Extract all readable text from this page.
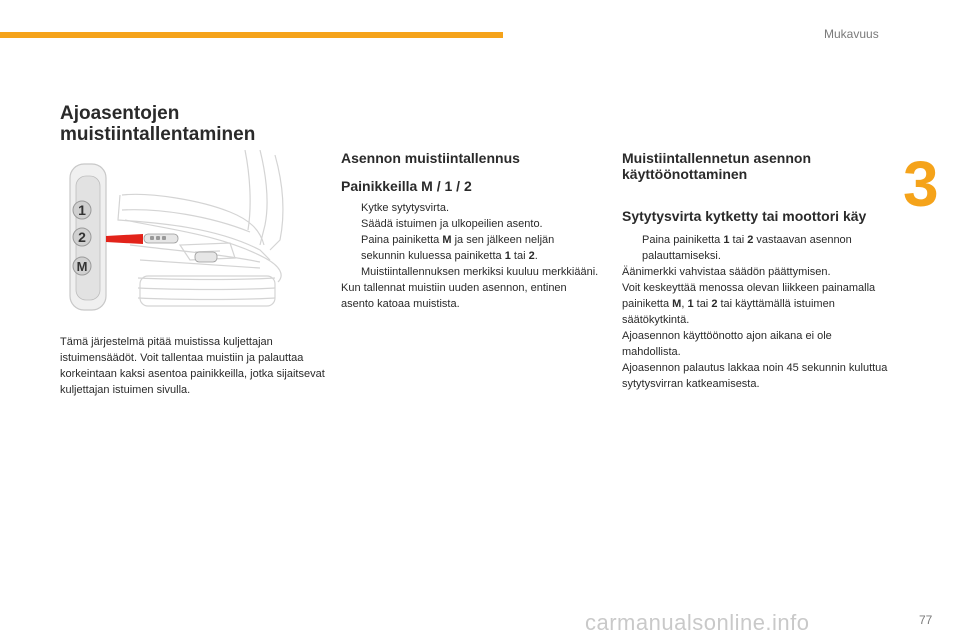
Mukavuus
3
Ajoasentojen muistiintallentaminen
1
2
M
Tämä järjestelmä pitää muistissa kuljettajan istuimensäädöt. Voit tallentaa muistiin ja palauttaa korkeintaan kaksi asentoa painikkeilla, jotka sijaitsevat kuljettajan istuimen sivulla.
Asennon muistiintallennus
Painikkeilla M / 1 / 2
Kytke sytytysvirta.
Säädä istuimen ja ulkopeilien asento.
Paina painiketta M ja sen jälkeen neljän sekunnin kuluessa painiketta 1 tai 2. Muistiintallennuksen merkiksi kuuluu merkkiääni.

Kun tallennat muistiin uuden asennon, entinen asento katoaa muistista.

Muistiintallennetun asennon käyttöönottaminen
Sytytysvirta kytketty tai moottori käy
Paina painiketta 1 tai 2 vastaavan asennon palauttamiseksi.

Äänimerkki vahvistaa säädön päättymisen.

Voit keskeyttää menossa olevan liikkeen painamalla painiketta M, 1 tai 2 tai käyttämällä istuimen säätökytkintä.

Ajoasennon käyttöönotto ajon aikana ei ole mahdollista.

Ajoasennon palautus lakkaa noin 45 sekunnin kuluttua sytytysvirran katkeamisesta.

carmanualsonline.info	77
